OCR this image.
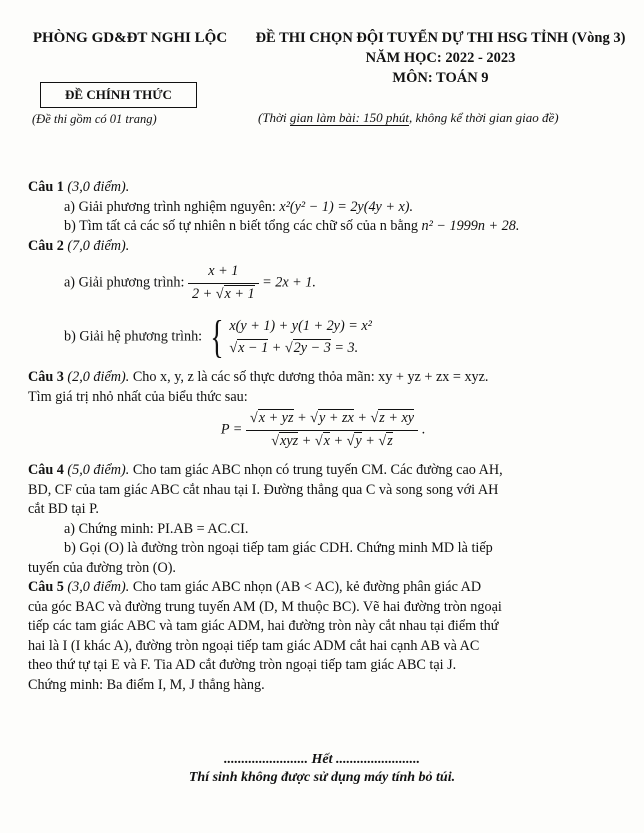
PHÒNG GD&ĐT NGHI LỘC
ĐỀ CHÍNH THỨC
(Đề thi gồm có 01 trang)
ĐỀ THI CHỌN ĐỘI TUYỂN DỰ THI HSG TỈNH (Vòng 3)
NĂM HỌC: 2022 - 2023
MÔN: TOÁN 9
(Thời gian làm bài: 150 phút, không kể thời gian giao đề)
Câu 1 (3,0 điểm).
a) Giải phương trình nghiệm nguyên: x²(y² − 1) = 2y(4y + x).
b) Tìm tất cả các số tự nhiên n biết tổng các chữ số của n bằng n² − 1999n + 28.
Câu 2 (7,0 điểm).
a) Giải phương trình: $\frac{x + 1}{2 + √x + 1} = 2x + 1$.
b) Giải hệ phương trình: { x(y + 1) + y(1 + 2y) = x²
√x − 1 + √2y − 3 = 3.
Câu 3 (2,0 điểm). Cho x, y, z là các số thực dương thỏa mãn: xy + yz + zx = xyz.
Tìm giá trị nhỏ nhất của biểu thức sau:
$P = \frac{√x + yz + √y + zx + √z + xy}{\text{√xyz + √x + √y + √z}}$ .
Câu 4 (5,0 điểm). Cho tam giác ABC nhọn có trung tuyến CM. Các đường cao AH,
BD, CF của tam giác ABC cắt nhau tại I. Đường thẳng qua C và song song với AH
cắt BD tại P.
a) Chứng minh: PI.AB = AC.CI.
b) Gọi (O) là đường tròn ngoại tiếp tam giác CDH. Chứng minh MD là tiếp
tuyến của đường tròn (O).
Câu 5 (3,0 điểm). Cho tam giác ABC nhọn (AB < AC), kẻ đường phân giác AD
của góc BAC và đường trung tuyến AM (D, M thuộc BC). Vẽ hai đường tròn ngoại
tiếp các tam giác ABC và tam giác ADM, hai đường tròn này cắt nhau tại điểm thứ
hai là I (I khác A), đường tròn ngoại tiếp tam giác ADM cắt hai cạnh AB và AC
theo thứ tự tại E và F. Tia AD cắt đường tròn ngoại tiếp tam giác ABC tại J.
Chứng minh: Ba điểm I, M, J thẳng hàng.
........................ Hết ........................
Thí sinh không được sử dụng máy tính bỏ túi.
